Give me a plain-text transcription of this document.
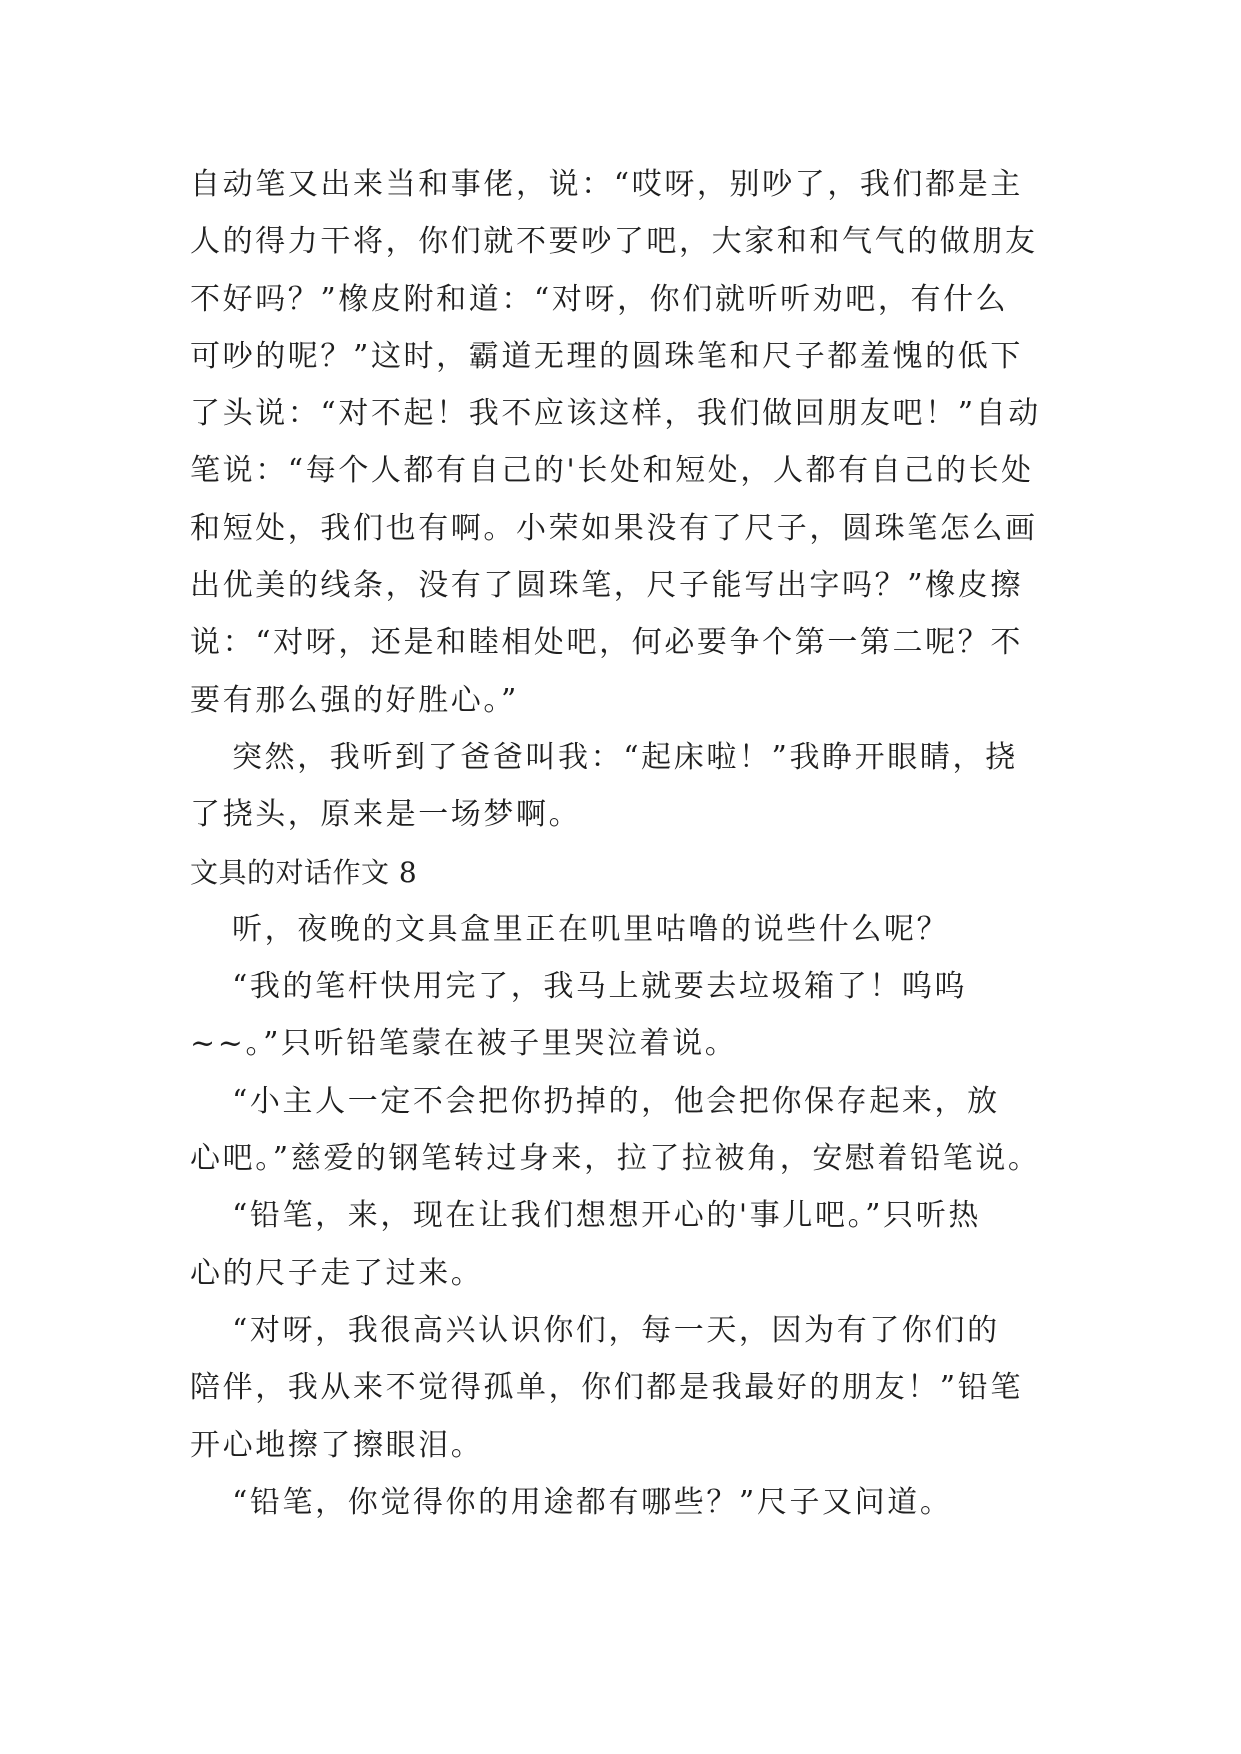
自动笔又出来当和事佬，说：“哎呀，别吵了，我们都是主
人的得力干将，你们就不要吵了吧，大家和和气气的做朋友
不好吗？”橡皮附和道：“对呀，你们就听听劝吧，有什么
可吵的呢？”这时，霸道无理的圆珠笔和尺子都羞愧的低下
了头说：“对不起！我不应该这样，我们做回朋友吧！”自动
笔说：“每个人都有自己的'长处和短处，人都有自己的长处
和短处，我们也有啊。小荣如果没有了尺子，圆珠笔怎么画
出优美的线条，没有了圆珠笔，尺子能写出字吗？”橡皮擦
说：“对呀，还是和睦相处吧，何必要争个第一第二呢？不
要有那么强的好胜心。”
突然，我听到了爸爸叫我：“起床啦！”我睁开眼睛，挠
了挠头，原来是一场梦啊。
文具的对话作文 8
听，夜晚的文具盒里正在叽里咕噜的说些什么呢？
“我的笔杆快用完了，我马上就要去垃圾箱了！呜呜
~~。”只听铅笔蒙在被子里哭泣着说。
“小主人一定不会把你扔掉的，他会把你保存起来，放
心吧。”慈爱的钢笔转过身来，拉了拉被角，安慰着铅笔说。
“铅笔，来，现在让我们想想开心的'事儿吧。”只听热
心的尺子走了过来。
“对呀，我很高兴认识你们，每一天，因为有了你们的
陪伴，我从来不觉得孤单，你们都是我最好的朋友！”铅笔
开心地擦了擦眼泪。
“铅笔，你觉得你的用途都有哪些？”尺子又问道。
